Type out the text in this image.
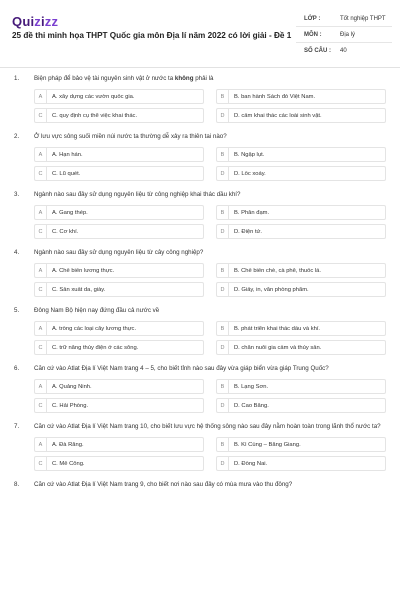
Quizizz
25 đề thi minh họa THPT Quốc gia môn Địa lí năm 2022 có lời giải - Đề 1
LỚP :	Tốt nghiệp THPT
MÔN :	Địa lý
SỐ CÂU :	40
1.	Biện pháp để bảo vệ tài nguyên sinh vật ở nước ta không phải là
A	A. xây dựng các vườn quốc gia.	B	B. ban hành Sách đỏ Việt Nam.
C	C. quy định cụ thể việc khai thác.	D	D. cấm khai thác các loài sinh vật.
2.	Ở lưu vực sông suối miền núi nước ta thường dễ xảy ra thiên tai nào?
A	A. Hạn hán.	B	B. Ngập lụt.
C	C. Lũ quét.	D	D. Lốc xoáy.
3.	Ngành nào sau đây sử dụng nguyên liệu từ công nghiệp khai thác dầu khí?
A	A. Gang thép.	B	B. Phân đạm.
C	C. Cơ khí.	D	D. Điện tử.
4.	Ngành nào sau đây sử dụng nguyên liệu từ cây công nghiệp?
A	A. Chế biến lương thực.	B	B. Chế biến chè, cà phê, thuốc lá.
C	C. Sản xuất da, giày.	D	D. Giấy, in, văn phòng phẩm.
5.	Đông Nam Bộ hiện nay đứng đầu cả nước về
A	A. trồng các loại cây lương thực.	B	B. phát triển khai thác dầu và khí.
C	C. trữ năng thủy điện ở các sông.	D	D. chăn nuôi gia cầm và thủy sản.
6.	Căn cứ vào Atlat Địa lí Việt Nam trang 4 – 5, cho biết tỉnh nào sau đây vừa giáp biển vừa giáp Trung Quốc?
A	A. Quảng Ninh.	B	B. Lạng Sơn.
C	C. Hải Phòng.	D	D. Cao Bằng.
7.	Căn cứ vào Atlat Địa lí Việt Nam trang 10, cho biết lưu vực hệ thống sông nào sau đây nằm hoàn toàn trong lãnh thổ nước ta?
A	A. Đà Rằng.	B	B. Kì Cùng – Bằng Giang.
C	C. Mê Công.	D	D. Đồng Nai.
8.	Căn cứ vào Atlat Địa lí Việt Nam trang 9, cho biết nơi nào sau đây có mùa mưa vào thu đông?
